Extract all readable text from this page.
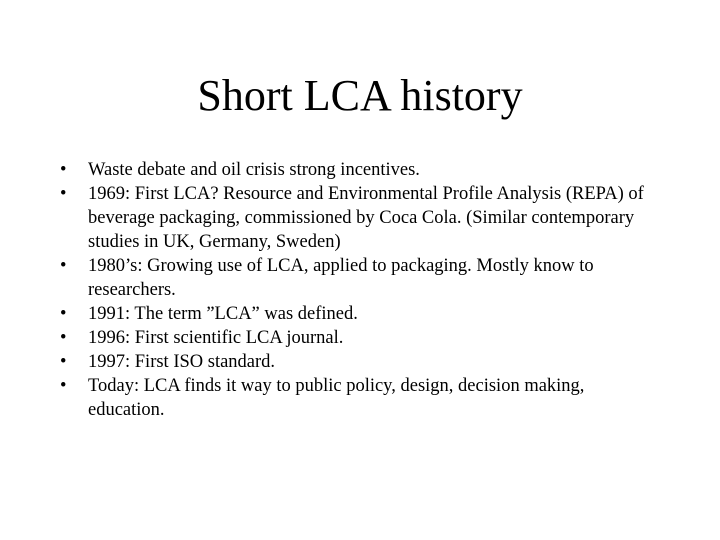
Short LCA history
•	Waste debate and oil crisis strong incentives.
•	1969: First LCA? Resource and Environmental Profile Analysis (REPA) of beverage packaging, commissioned by Coca Cola. (Similar contemporary studies in UK, Germany, Sweden)
•	1980’s: Growing use of LCA, applied to packaging. Mostly know to researchers.
•	1991: The term ”LCA” was defined.
•	1996: First scientific LCA journal.
•	1997: First ISO standard.
•	Today: LCA finds it way to public policy, design, decision making, education.
